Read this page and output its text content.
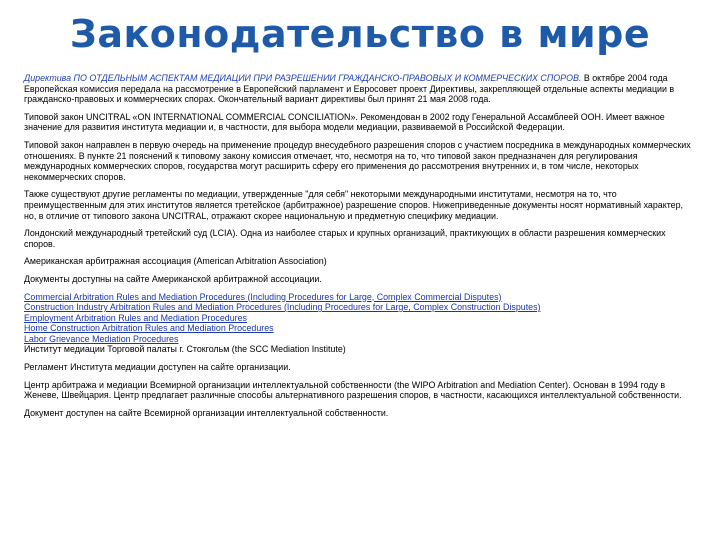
Законодательство в мире
Директива ПО ОТДЕЛЬНЫМ АСПЕКТАМ МЕДИАЦИИ ПРИ РАЗРЕШЕНИИ ГРАЖДАНСКО-ПРАВОВЫХ И КОММЕРЧЕСКИХ СПОРОВ. В октябре 2004 года Европейская комиссия передала на рассмотрение в Европейский парламент и Евросовет проект Директивы, закрепляющей отдельные аспекты медиации в гражданско-правовых и коммерческих спорах. Окончательный вариант директивы был принят 21 мая 2008 года.
Типовой закон UNCITRAL «ON INTERNATIONAL COMMERCIAL CONCILIATION». Рекомендован в 2002 году Генеральной Ассамблеей ООН. Имеет важное значение для развития института медиации и, в частности, для выбора модели медиации, развиваемой в Российской Федерации.
Типовой закон направлен в первую очередь на применение процедур внесудебного разрешения споров с участием посредника в международных коммерческих отношениях. В пункте 21 пояснений к типовому закону комиссия отмечает, что, несмотря на то, что типовой закон предназначен для регулирования международных коммерческих споров, государства могут расширить сферу его применения до рассмотрения внутренних и, в том числе, некоторых некоммерческих споров.
Также существуют другие регламенты по медиации, утвержденные "для себя" некоторыми международными институтами, несмотря на то, что преимущественным для этих институтов является третейское (арбитражное) разрешение споров. Нижеприведенные документы носят нормативный характер, но, в отличие от типового закона UNCITRAL, отражают скорее национальную и предметную специфику медиации.
Лондонский международный третейский суд (LCIA). Одна из наиболее старых и крупных организаций, практикующих в области разрешения коммерческих споров.
Американская арбитражная ассоциация (American Arbitration Association)
Документы доступны на сайте Американской арбитражной ассоциации.
Commercial Arbitration Rules and Mediation Procedures (Including Procedures for Large, Complex Commercial Disputes)
Construction Industry Arbitration Rules and Mediation Procedures (Including Procedures for Large, Complex Construction Disputes)
Employment Arbitration Rules and Mediation Procedures
Home Construction Arbitration Rules and Mediation Procedures
Labor Grievance Mediation Procedures
Институт медиации Торговой палаты г. Стокгольм (the SCC Mediation Institute)
Регламент Института медиации доступен на сайте организации.
Центр арбитража и медиации Всемирной организации интеллектуальной собственности (the WIPO Arbitration and Mediation Center). Основан в 1994 году в Женеве, Швейцария. Центр предлагает различные способы альтернативного разрешения споров, в частности, касающихся интеллектуальной собственности.
Документ доступен на сайте Всемирной организации интеллектуальной собственности.
